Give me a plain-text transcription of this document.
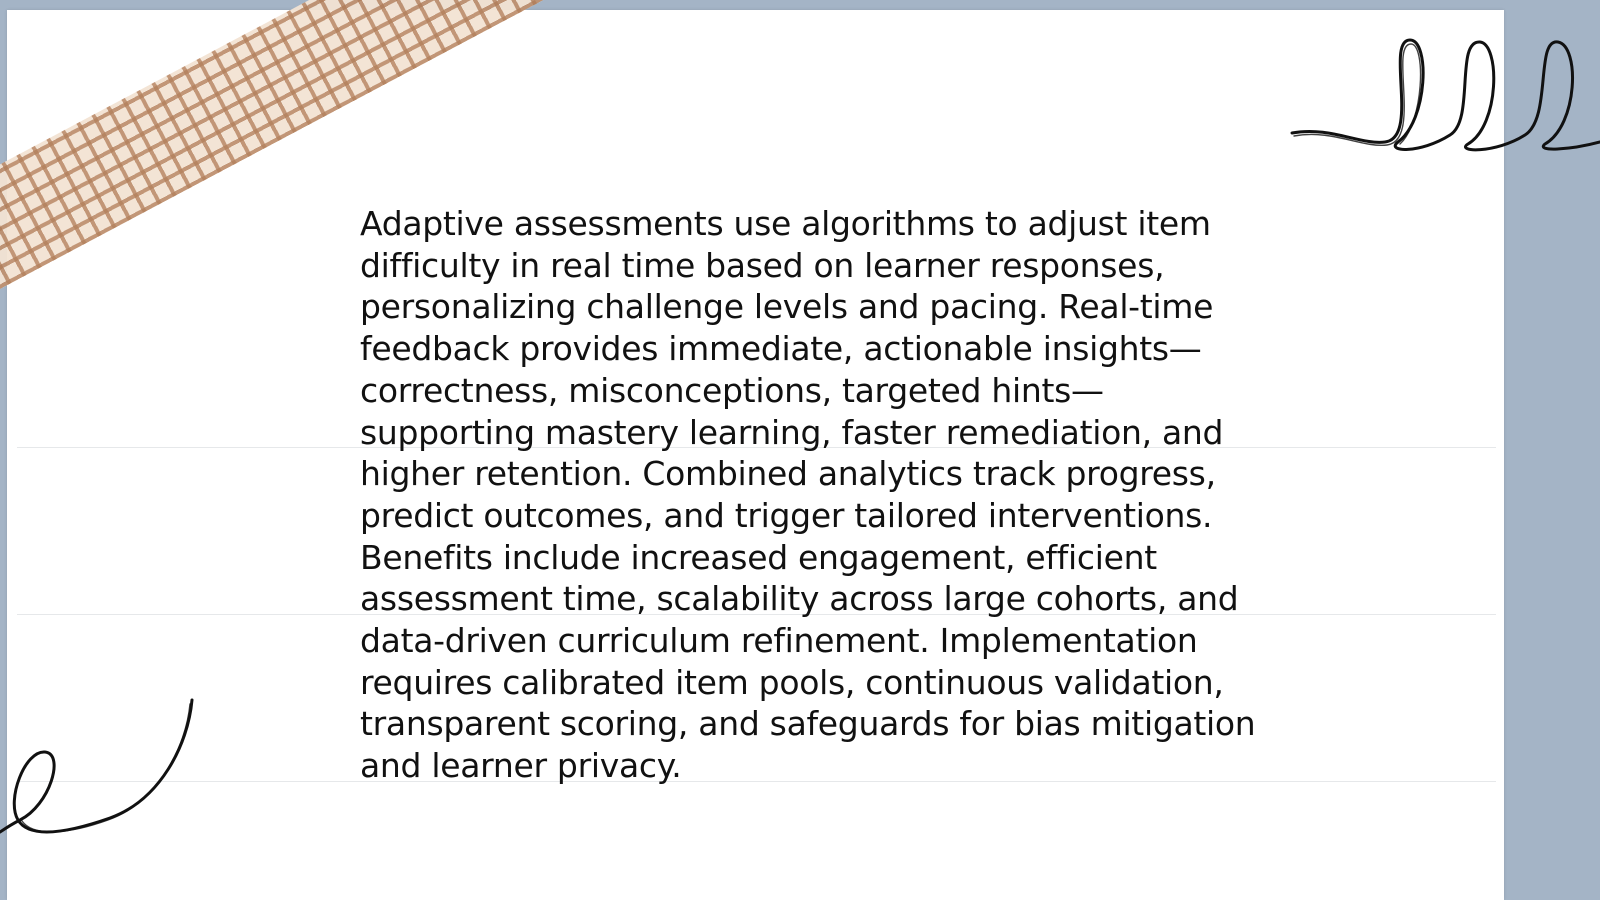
Adaptive assessments use algorithms to adjust item difficulty in real time based on learner responses, personalizing challenge levels and pacing. Real-time feedback provides immediate, actionable insights—correctness, misconceptions, targeted hints—supporting mastery learning, faster remediation, and higher retention. Combined analytics track progress, predict outcomes, and trigger tailored interventions. Benefits include increased engagement, efficient assessment time, scalability across large cohorts, and data-driven curriculum refinement. Implementation requires calibrated item pools, continuous validation, transparent scoring, and safeguards for bias mitigation and learner privacy.
